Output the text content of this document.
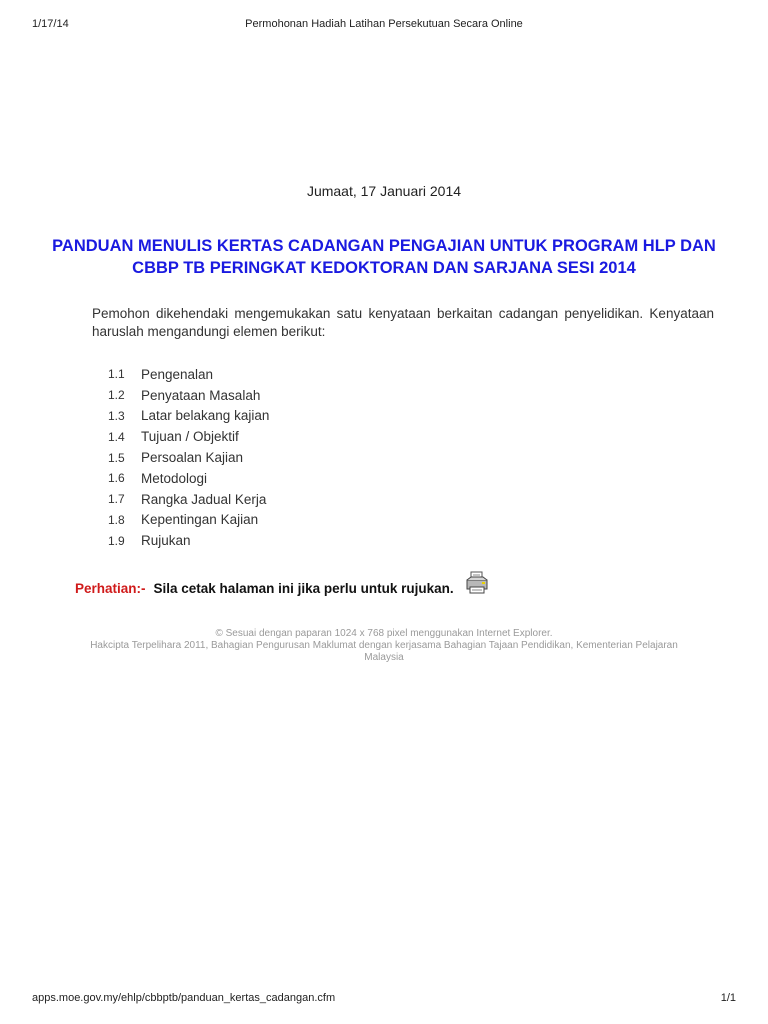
1/17/14	Permohonan Hadiah Latihan Persekutuan Secara Online
Jumaat, 17 Januari 2014
PANDUAN MENULIS KERTAS CADANGAN PENGAJIAN UNTUK PROGRAM HLP DAN
CBBP TB PERINGKAT KEDOKTORAN DAN SARJANA SESI 2014
Pemohon dikehendaki mengemukakan satu kenyataan berkaitan cadangan penyelidikan. Kenyataan haruslah mengandungi elemen berikut:
1.1	Pengenalan
1.2	Penyataan Masalah
1.3	Latar belakang kajian
1.4	Tujuan / Objektif
1.5	Persoalan Kajian
1.6	Metodologi
1.7	Rangka Jadual Kerja
1.8	Kepentingan Kajian
1.9	Rujukan
Perhatian:- Sila cetak halaman ini jika perlu untuk rujukan.
© Sesuai dengan paparan 1024 x 768 pixel menggunakan Internet Explorer.
Hakcipta Terpelihara 2011, Bahagian Pengurusan Maklumat dengan kerjasama Bahagian Tajaan Pendidikan, Kementerian Pelajaran
Malaysia
apps.moe.gov.my/ehlp/cbbptb/panduan_kertas_cadangan.cfm	1/1
